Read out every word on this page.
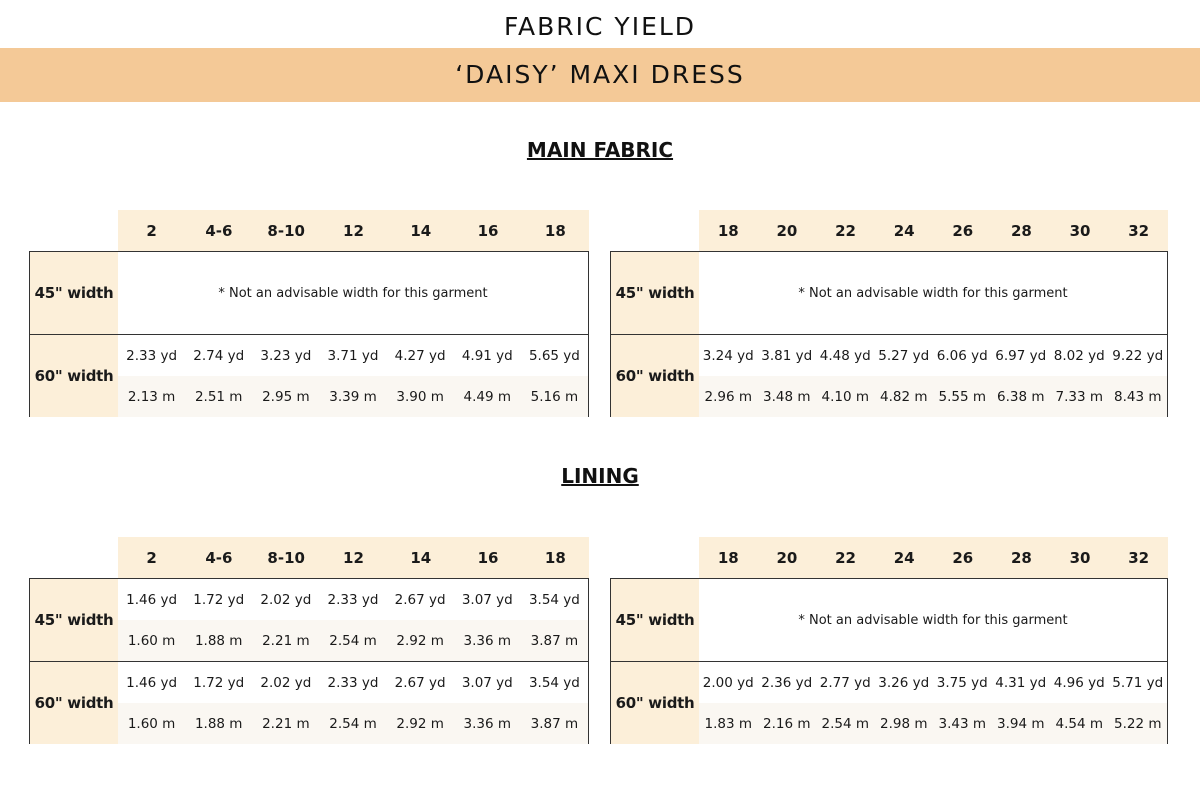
FABRIC YIELD
‘DAISY’ MAXI DRESS
MAIN FABRIC
LINING
2	4-6	8-10	12	14	16	18
45" width	* Not an advisable width for this garment
60" width
2.33 yd	2.74 yd	3.23 yd	3.71 yd	4.27 yd	4.91 yd	5.65 yd
2.13 m	2.51 m	2.95 m	3.39 m	3.90 m	4.49 m	5.16 m
18	20	22	24	26	28	30	32
45" width	* Not an advisable width for this garment
60" width
3.24 yd 3.81 yd 4.48 yd 5.27 yd 6.06 yd 6.97 yd 8.02 yd 9.22 yd
2.96 m 3.48 m 4.10 m 4.82 m 5.55 m 6.38 m 7.33 m 8.43 m
2	4-6	8-10	12	14	16	18
45" width
1.46 yd	1.72 yd	2.02 yd	2.33 yd	2.67 yd	3.07 yd	3.54 yd
1.60 m	1.88 m	2.21 m	2.54 m	2.92 m	3.36 m	3.87 m
60" width
1.46 yd	1.72 yd	2.02 yd	2.33 yd	2.67 yd	3.07 yd	3.54 yd
1.60 m	1.88 m	2.21 m	2.54 m	2.92 m	3.36 m	3.87 m
18	20	22	24	26	28	30	32
45" width	* Not an advisable width for this garment
60" width
2.00 yd 2.36 yd 2.77 yd 3.26 yd 3.75 yd 4.31 yd 4.96 yd 5.71 yd
1.83 m 2.16 m 2.54 m 2.98 m 3.43 m 3.94 m 4.54 m 5.22 m
